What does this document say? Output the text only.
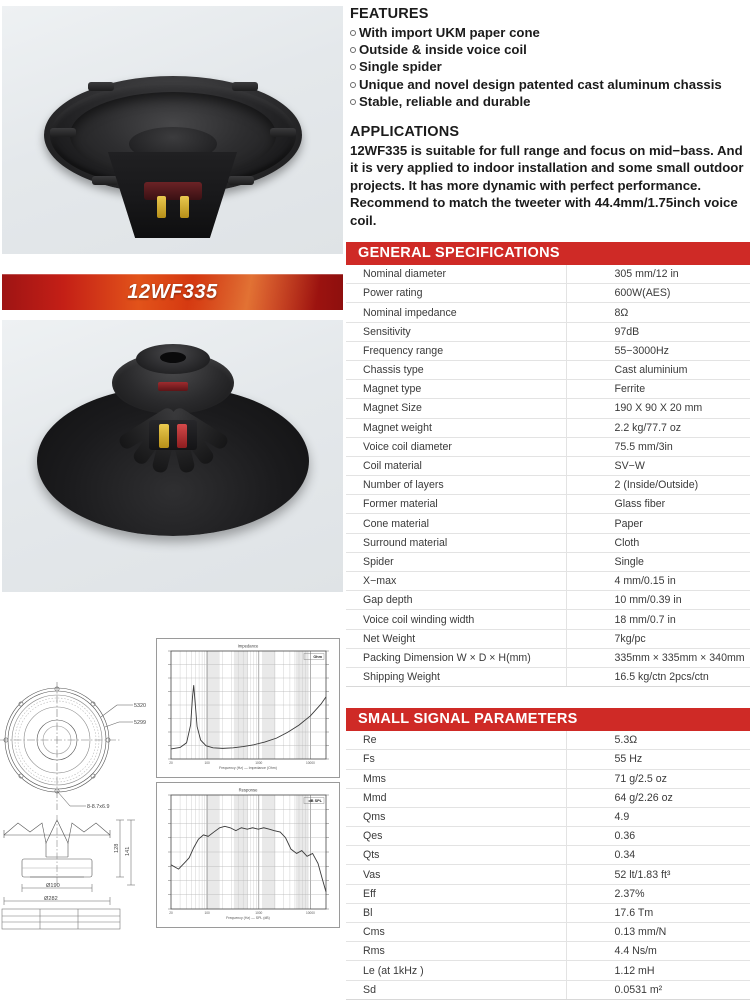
12WF335
5320
5299
8-8.7x6.9
Ø190
Ø282
128 141
Impedance
Ohm
Frequency (Hz) — Impedance (Ohm)
20	100	1000	10000
Response
dB SPL
Frequency (Hz) — SPL (dB)
20	100	1000	10000
FEATURES
With import UKM paper cone
Outside & inside voice coil
Single spider
Unique and novel design patented cast aluminum chassis
Stable, reliable and durable
APPLICATIONS

12WF335 is suitable for full range and focus on mid−bass. And it is very applied to indoor installation and some small outdoor projects. It has more dynamic with perfect performance. Recommend to match the tweeter with 44.4mm/1.75inch voice coil.

GENERAL SPECIFICATIONS
Nominal diameter	305 mm/12 in
Power rating	600W(AES)
Nominal impedance	8Ω
Sensitivity	97dB
Frequency range	55−3000Hz
Chassis type	Cast aluminium
Magnet type	Ferrite
Magnet Size	190 X 90 X 20 mm
Magnet weight	2.2 kg/77.7 oz
Voice coil diameter	75.5 mm/3in
Coil material	SV−W
Number of layers	2 (Inside/Outside)
Former material	Glass fiber
Cone material	Paper
Surround material	Cloth
Spider	Single
X−max	4 mm/0.15 in
Gap depth	10 mm/0.39 in
Voice coil winding width	18 mm/0.7 in
Net Weight	7kg/pc
Packing Dimension W × D × H(mm)	335mm × 335mm × 340mm
Shipping Weight	16.5 kg/ctn 2pcs/ctn
SMALL SIGNAL PARAMETERS
Re	5.3Ω
Fs	55 Hz
Mms	71 g/2.5 oz
Mmd	64 g/2.26 oz
Qms	4.9
Qes	0.36
Qts	0.34
Vas	52 lt/1.83 ft³
Eff	2.37%
Bl	17.6 Tm
Cms	0.13 mm/N
Rms	4.4 Ns/m
Le (at 1kHz )	1.12 mH
Sd	0.0531 m²
